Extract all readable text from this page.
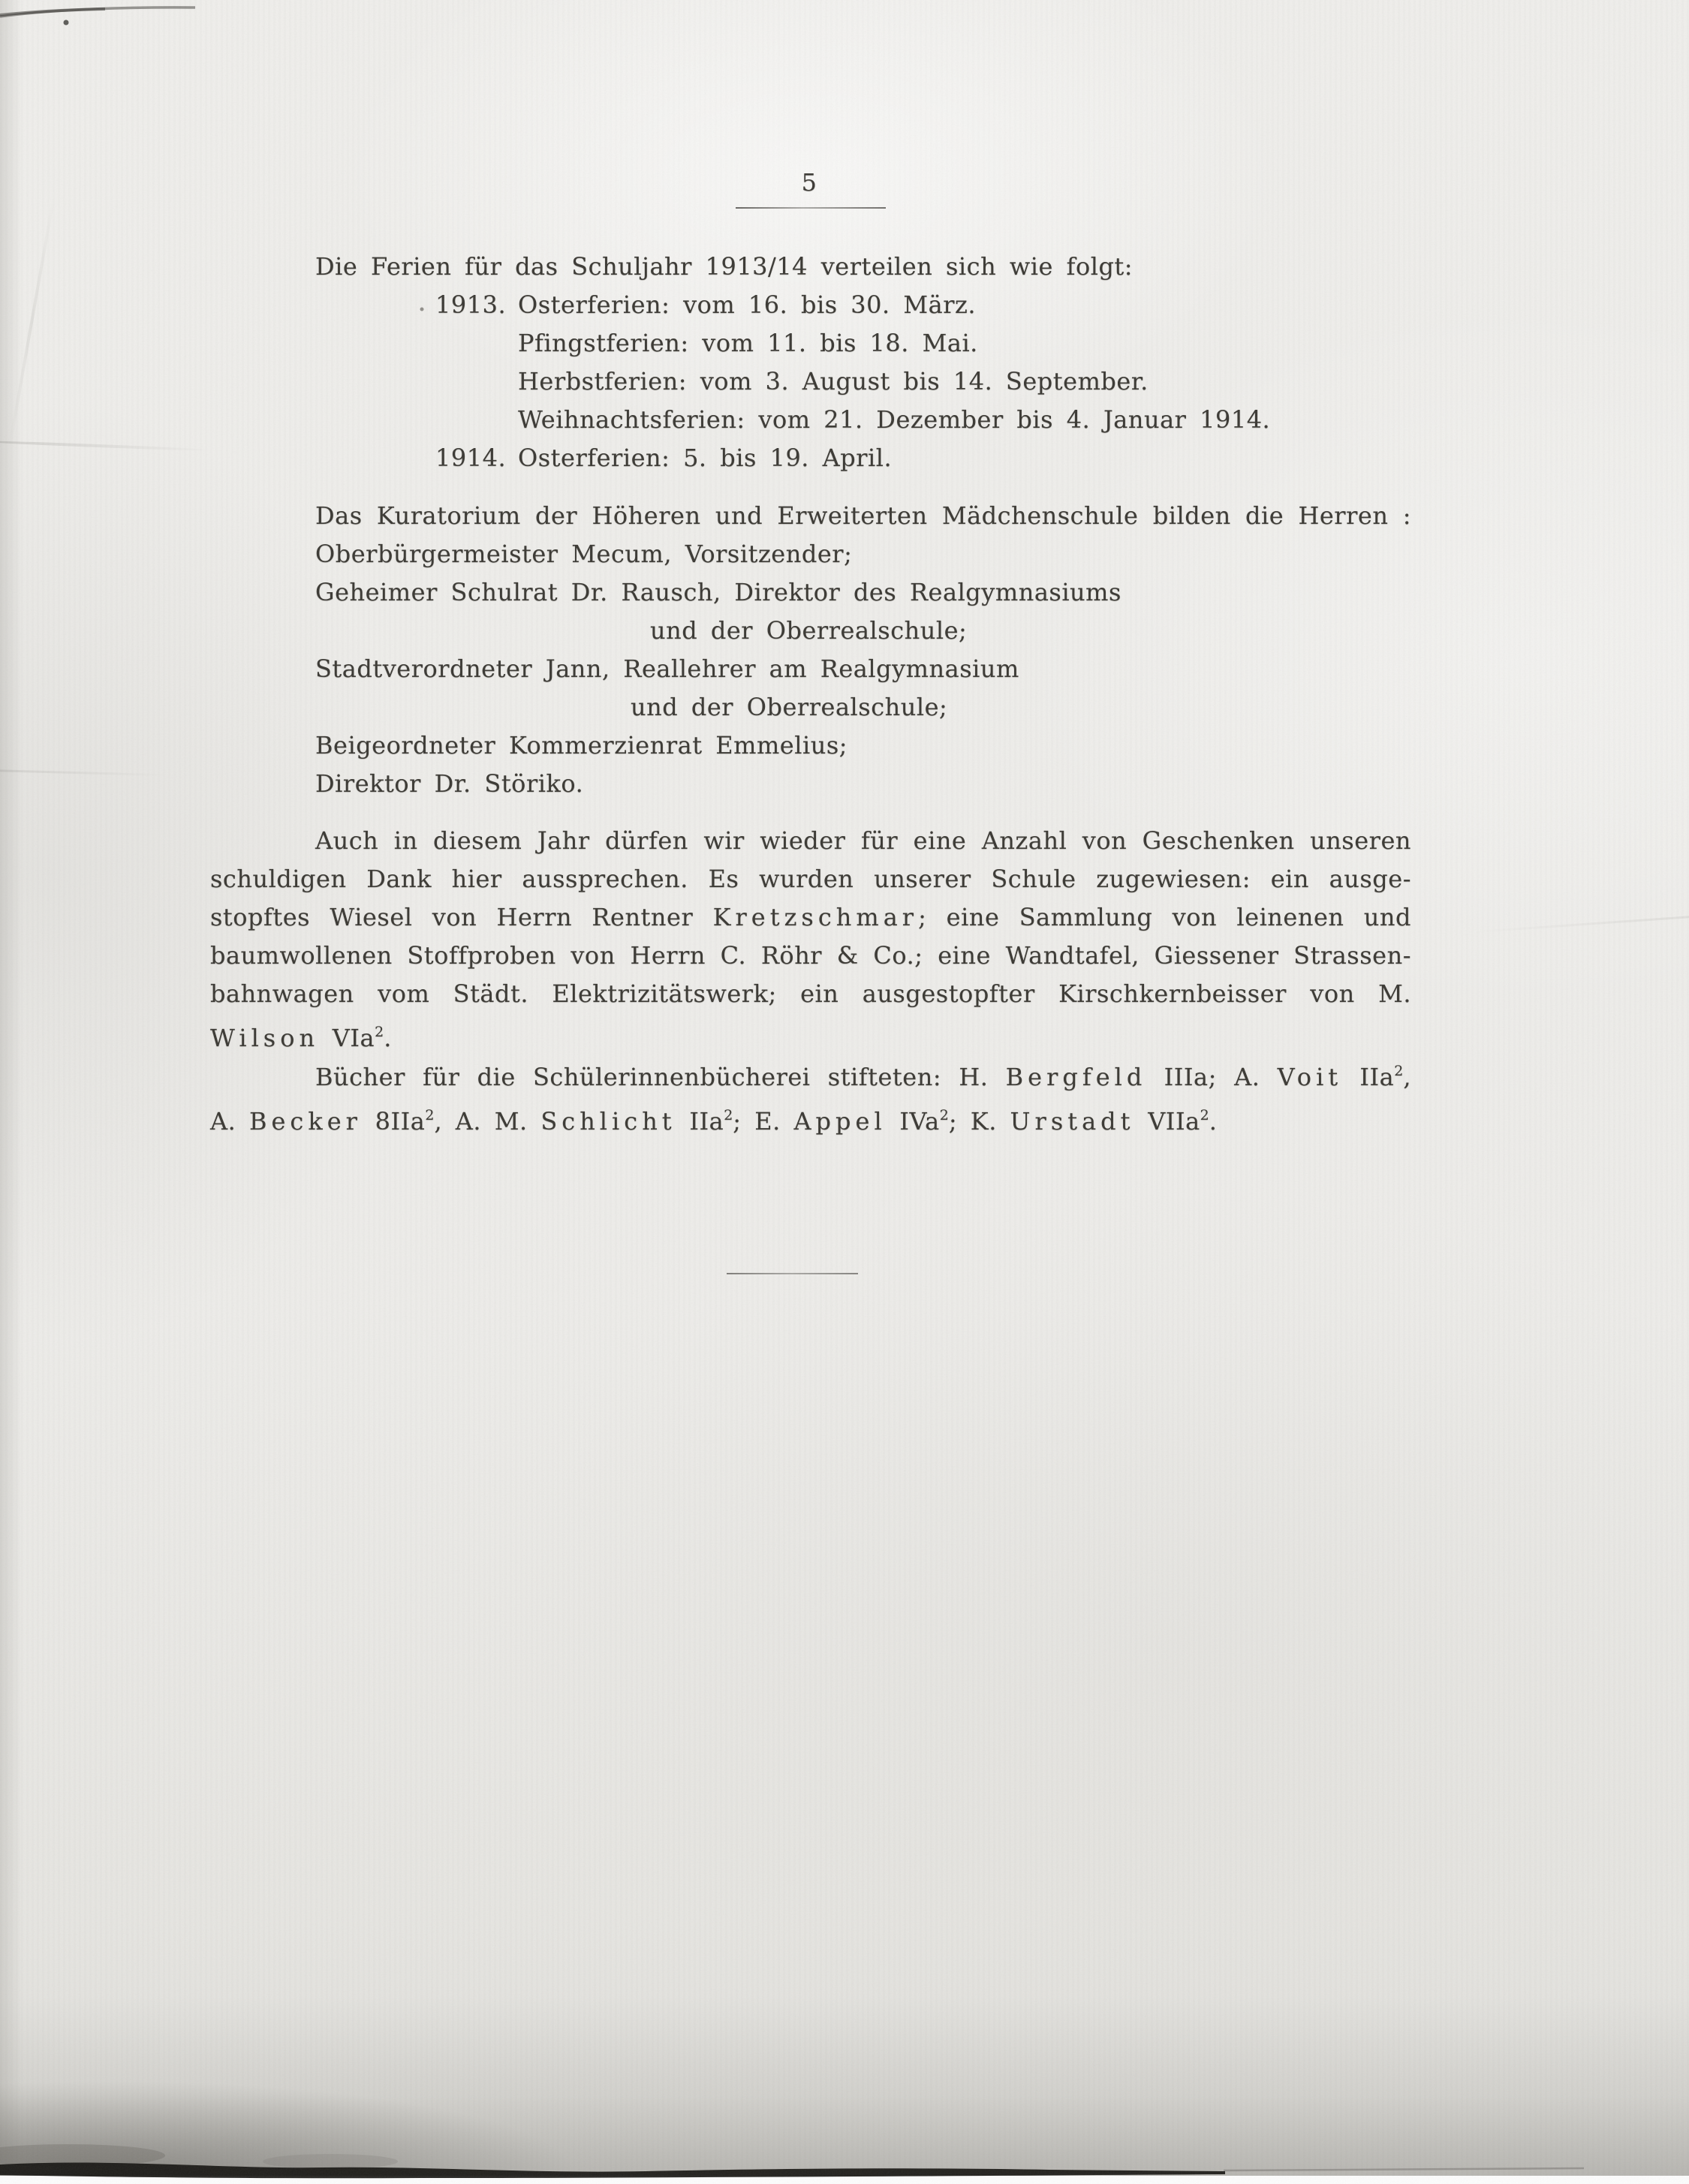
5
Die Ferien für das Schuljahr 1913/14 verteilen sich wie folgt:
1913. Osterferien: vom 16. bis 30. März.
Pfingstferien: vom 11. bis 18. Mai.
Herbstferien: vom 3. August bis 14. September.
Weihnachtsferien: vom 21. Dezember bis 4. Januar 1914.
1914. Osterferien: 5. bis 19. April.
Das Kuratorium der Höheren und Erweiterten Mädchenschule bilden die Herren :
Oberbürgermeister Mecum, Vorsitzender;
Geheimer Schulrat Dr. Rausch, Direktor des Realgymnasiums
und der Oberrealschule;
Stadtverordneter Jann, Reallehrer am Realgymnasium
und der Oberrealschule;
Beigeordneter Kommerzienrat Emmelius;
Direktor Dr. Störiko.
Auch in diesem Jahr dürfen wir wieder für eine Anzahl von Geschenken unseren
schuldigen Dank hier aussprechen. Es wurden unserer Schule zugewiesen: ein ausge-
stopftes Wiesel von Herrn Rentner Kretzschmar; eine Sammlung von leinenen und
baumwollenen Stoffproben von Herrn C. Röhr & Co.; eine Wandtafel, Giessener Strassen-
bahnwagen vom Städt. Elektrizitätswerk; ein ausgestopfter Kirschkernbeisser von M.
Wilson VIa$^2$.
Bücher für die Schülerinnenbücherei stifteten: H. Bergfeld IIIa; A. Voit IIa$^2$,
A. Becker 8IIa$^2$, A. M. Schlicht IIa$^2$; E. Appel IVa$^2$; K. Urstadt VIIa$^2$.
